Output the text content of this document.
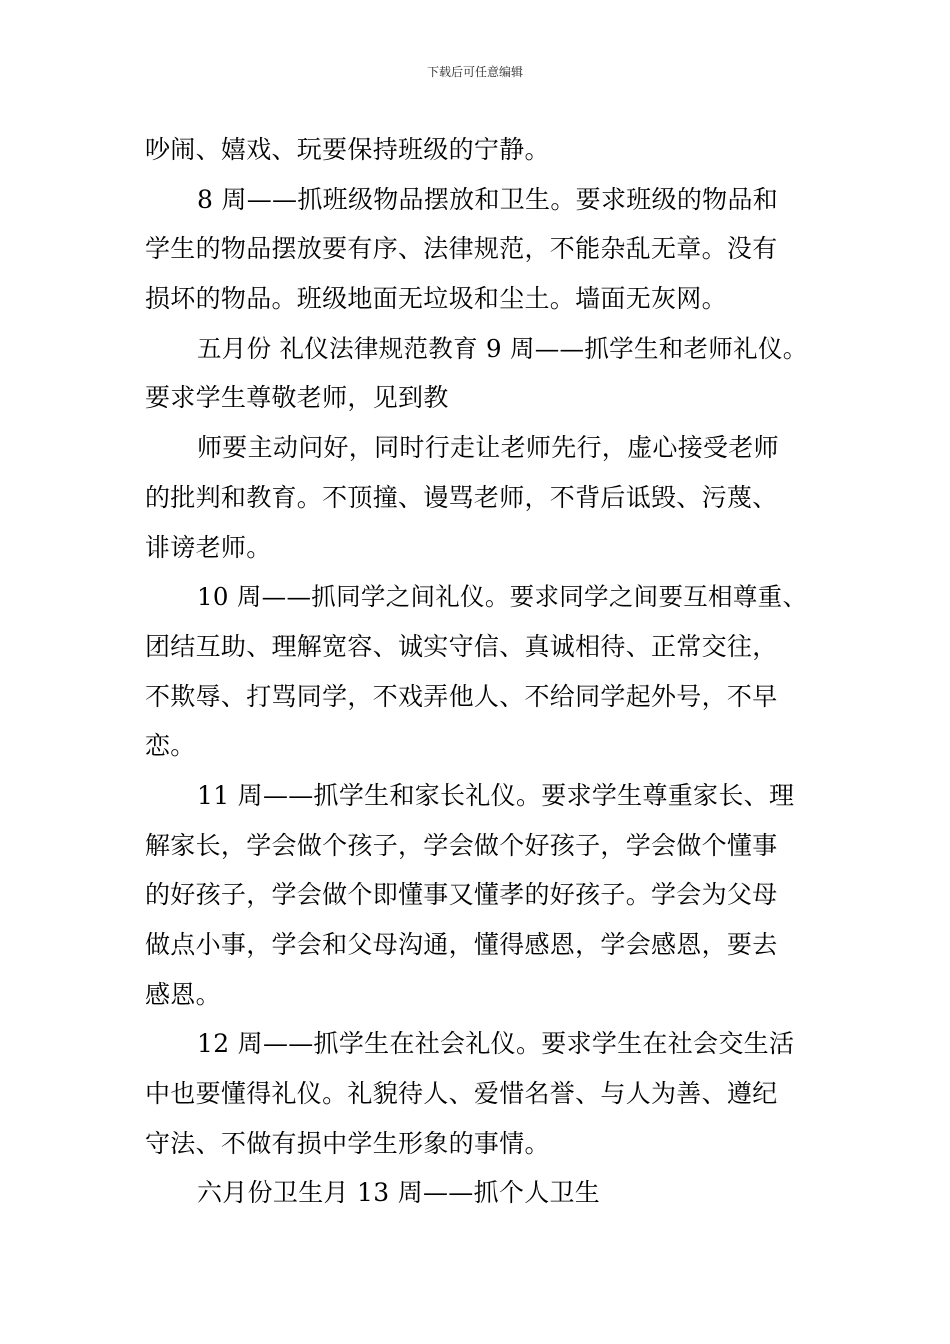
下载后可任意编辑
吵闹、嬉戏、玩要保持班级的宁静。
8 周——抓班级物品摆放和卫生。要求班级的物品和
学生的物品摆放要有序、法律规范，不能杂乱无章。没有
损坏的物品。班级地面无垃圾和尘土。墙面无灰网。
五月份 礼仪法律规范教育 9 周——抓学生和老师礼仪。
要求学生尊敬老师，见到教
师要主动问好，同时行走让老师先行，虚心接受老师
的批判和教育。不顶撞、谩骂老师，不背后诋毁、污蔑、
诽谤老师。
10 周——抓同学之间礼仪。要求同学之间要互相尊重、
团结互助、理解宽容、诚实守信、真诚相待、正常交往，
不欺辱、打骂同学，不戏弄他人、不给同学起外号，不早
恋。
11 周——抓学生和家长礼仪。要求学生尊重家长、理
解家长，学会做个孩子，学会做个好孩子，学会做个懂事
的好孩子，学会做个即懂事又懂孝的好孩子。学会为父母
做点小事，学会和父母沟通，懂得感恩，学会感恩，要去
感恩。
12 周——抓学生在社会礼仪。要求学生在社会交生活
中也要懂得礼仪。礼貌待人、爱惜名誉、与人为善、遵纪
守法、不做有损中学生形象的事情。
六月份卫生月 13 周——抓个人卫生
